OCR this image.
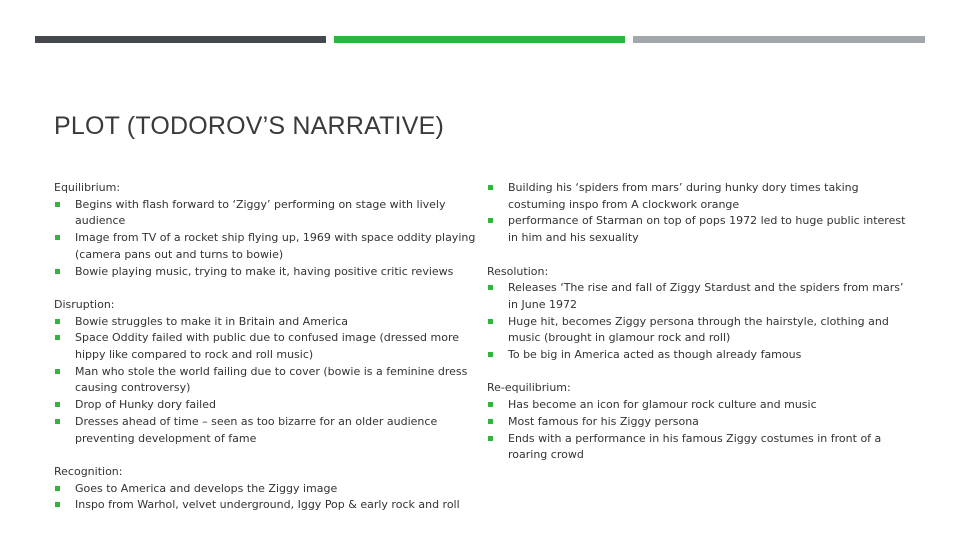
PLOT (TODOROV’S NARRATIVE)

Equilibrium:

Begins with flash forward to ‘Ziggy’ performing on stage with lively audience
Image from TV of a rocket ship flying up, 1969 with space oddity playing (camera pans out and turns to bowie)
Bowie playing music, trying to make it, having positive critic reviews

Disruption:

Bowie struggles to make it in Britain and America
Space Oddity failed with public due to confused image (dressed more hippy like compared to rock and roll music)
Man who stole the world failing due to cover (bowie is a feminine dress causing controversy)
Drop of Hunky dory failed
Dresses ahead of time – seen as too bizarre for an older audience preventing development of fame

Recognition:

Goes to America and develops the Ziggy image
Inspo from Warhol, velvet underground, Iggy Pop & early rock and roll
Building his ‘spiders from mars’ during hunky dory times taking costuming inspo from A clockwork orange
performance of Starman on top of pops 1972 led to huge public interest in him and his sexuality

Resolution:

Releases ‘The rise and fall of Ziggy Stardust and the spiders from mars’ in June 1972
Huge hit, becomes Ziggy persona through the hairstyle, clothing and music (brought in glamour rock and roll)
To be big in America acted as though already famous

Re-equilibrium:

Has become an icon for glamour rock culture and music
Most famous for his Ziggy persona
Ends with a performance in his famous Ziggy costumes in front of a roaring crowd
